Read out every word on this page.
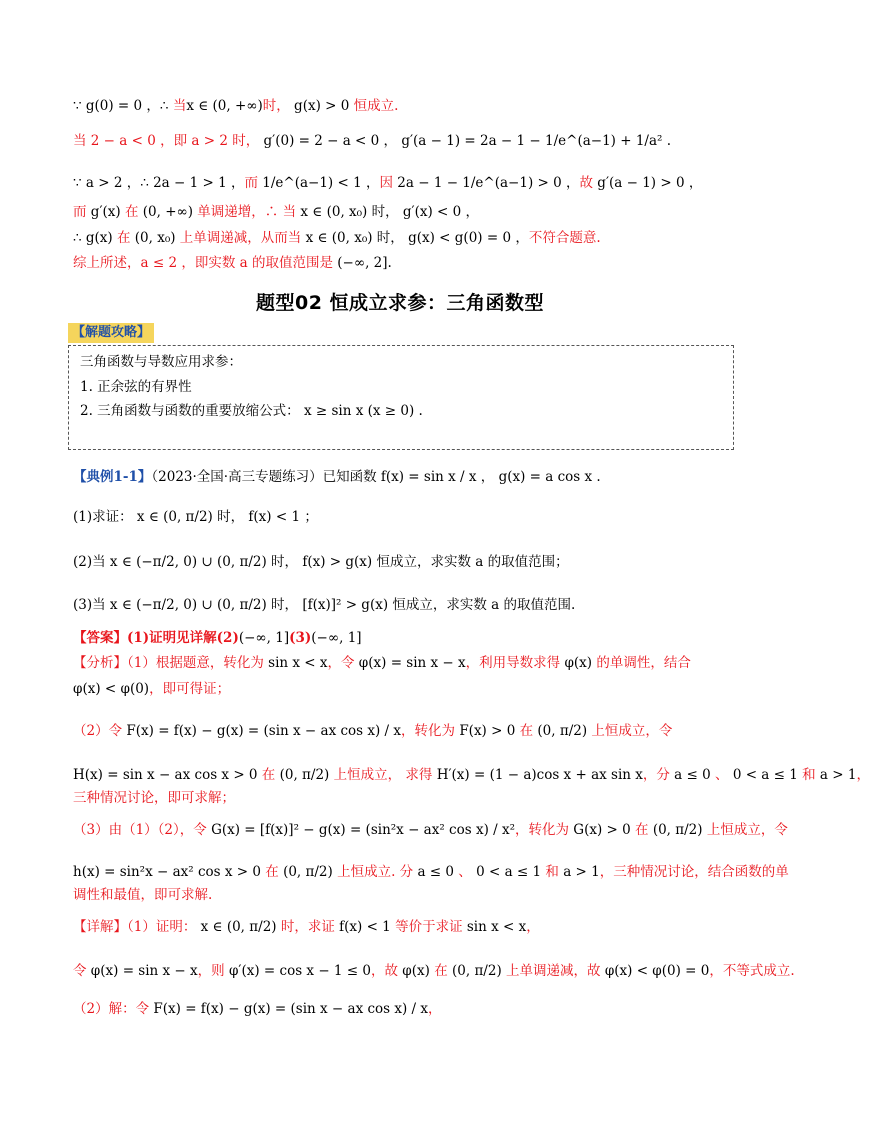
∵ g(0) = 0 ，∴ 当x ∈ (0, +∞)时， g(x) > 0 恒成立.
当 2 − a < 0 ，即 a > 2 时， g′(0) = 2 − a < 0 ， g′(a − 1) = 2a − 1 − 1/e^(a−1) + 1/a² .
∵ a > 2 ，∴ 2a − 1 > 1 ，而 1/e^(a−1) < 1 ，因 2a − 1 − 1/e^(a−1) > 0 ，故 g′(a − 1) > 0 ，
而 g′(x) 在 (0, +∞) 单调递增，∴ 当 x ∈ (0, x₀) 时， g′(x) < 0 ，
∴ g(x) 在 (0, x₀) 上单调递减，从而当 x ∈ (0, x₀) 时， g(x) < g(0) = 0 ，不符合题意.
综上所述，a ≤ 2 ，即实数 a 的取值范围是 (−∞, 2].
题型02 恒成立求参：三角函数型
【解题攻略】
三角函数与导数应用求参：
1. 正余弦的有界性
2. 三角函数与函数的重要放缩公式： x ≥ sin x (x ≥ 0) .
【典例1-1】（2023·全国·高三专题练习）已知函数 f(x) = sin x / x ， g(x) = a cos x .
(1)求证： x ∈ (0, π/2) 时， f(x) < 1 ；
(2)当 x ∈ (−π/2, 0) ∪ (0, π/2) 时， f(x) > g(x) 恒成立，求实数 a 的取值范围；
(3)当 x ∈ (−π/2, 0) ∪ (0, π/2) 时， [f(x)]² > g(x) 恒成立，求实数 a 的取值范围.
【答案】(1)证明见详解(2)(−∞, 1](3)(−∞, 1]
【分析】（1）根据题意，转化为 sin x < x，令 φ(x) = sin x − x，利用导数求得 φ(x) 的单调性，结合
φ(x) < φ(0)，即可得证；
（2）令 F(x) = f(x) − g(x) = (sin x − ax cos x) / x，转化为 F(x) > 0 在 (0, π/2) 上恒成立，令
H(x) = sin x − ax cos x > 0 在 (0, π/2) 上恒成立， 求得 H′(x) = (1 − a)cos x + ax sin x，分 a ≤ 0 、 0 < a ≤ 1 和 a > 1，
三种情况讨论，即可求解；
（3）由（1）（2），令 G(x) = [f(x)]² − g(x) = (sin²x − ax² cos x) / x²，转化为 G(x) > 0 在 (0, π/2) 上恒成立，令
h(x) = sin²x − ax² cos x > 0 在 (0, π/2) 上恒成立. 分 a ≤ 0 、 0 < a ≤ 1 和 a > 1，三种情况讨论，结合函数的单
调性和最值，即可求解.
【详解】（1）证明： x ∈ (0, π/2) 时，求证 f(x) < 1 等价于求证 sin x < x，
令 φ(x) = sin x − x，则 φ′(x) = cos x − 1 ≤ 0，故 φ(x) 在 (0, π/2) 上单调递减，故 φ(x) < φ(0) = 0，不等式成立.
（2）解：令 F(x) = f(x) − g(x) = (sin x − ax cos x) / x，
